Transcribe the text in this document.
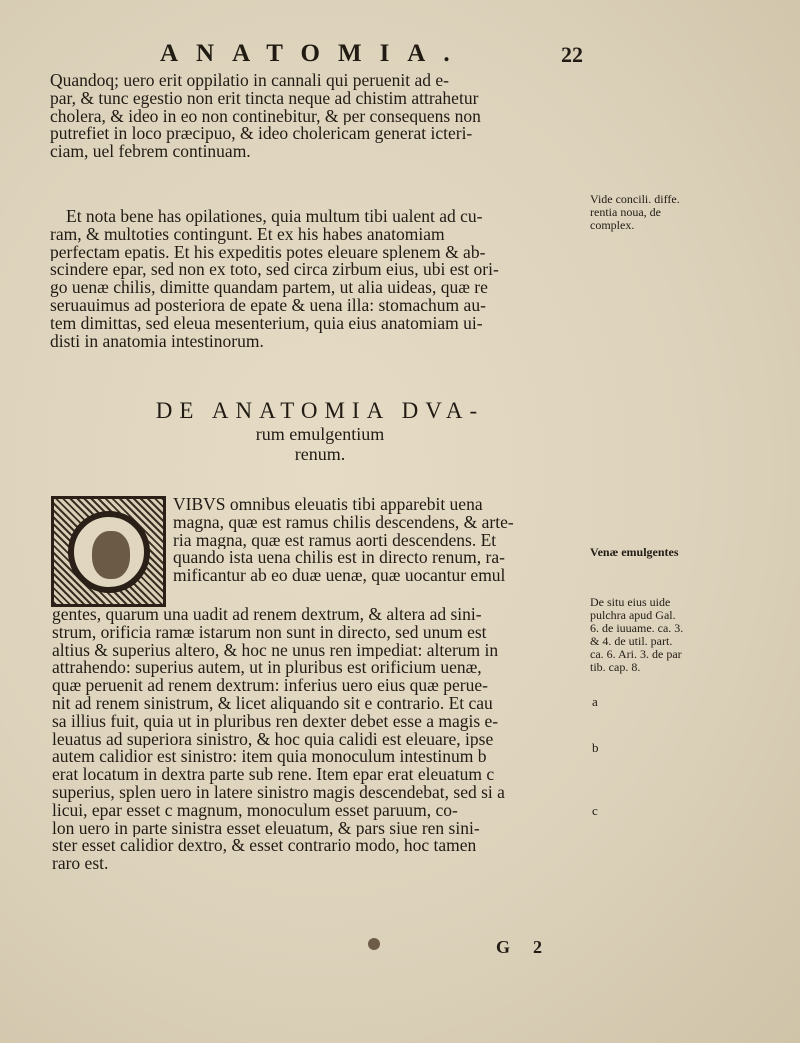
ANATOMIA.	22

Quandoq; uero erit oppilatio in cannali qui peruenit ad e-
par, & tunc egestio non erit tincta neque ad chistim attrahetur
cholera, & ideo in eo non continebitur, & per consequens non
putrefiet in loco præcipuo, & ideo cholericam generat icteri-
ciam, uel febrem continuam.

Et nota bene has opilationes, quia multum tibi ualent ad cu-
ram, & multoties contingunt. Et ex his habes anatomiam
perfectam epatis. Et his expeditis potes eleuare splenem & ab-
scindere epar, sed non ex toto, sed circa zirbum eius, ubi est ori-
go uenæ chilis, dimitte quandam partem, ut alia uideas, quæ re
seruauimus ad posteriora de epate & uena illa: stomachum au-
tem dimittas, sed eleua mesenterium, quia eius anatomiam ui-
disti in anatomia intestinorum.

Vide concili. diffe.
rentia noua, de
complex.
DE ANATOMIA DVA-
rum emulgentium
renum.

VIBVS omnibus eleuatis tibi apparebit uena
magna, quæ est ramus chilis descendens, & arte-
ria magna, quæ est ramus aorti descendens. Et
quando ista uena chilis est in directo renum, ra-
mificantur ab eo duæ uenæ, quæ uocantur emul

gentes, quarum una uadit ad renem dextrum, & altera ad sini-
strum, orificia ramæ istarum non sunt in directo, sed unum est
altius & superius altero, & hoc ne unus ren impediat: alterum in
attrahendo: superius autem, ut in pluribus est orificium uenæ,
quæ peruenit ad renem dextrum: inferius uero eius quæ perue-
nit ad renem sinistrum, & licet aliquando sit e contrario. Et cau
sa illius fuit, quia ut in pluribus ren dexter debet esse a magis e-
leuatus ad superiora sinistro, & hoc quia calidi est eleuare, ipse
autem calidior est sinistro: item quia monoculum intestinum b
erat locatum in dextra parte sub rene. Item epar erat eleuatum c
superius, splen uero in latere sinistro magis descendebat, sed si a
licui, epar esset c magnum, monoculum esset paruum, co-
lon uero in parte sinistra esset eleuatum, & pars siue ren sini-
ster esset calidior dextro, & esset contrario modo, hoc tamen
raro est.

Venæ emulgentes
De situ eius uide
pulchra apud Gal.
6. de iuuame. ca. 3.
& 4. de util. part.
ca. 6. Ari. 3. de par
tib. cap. 8.
a
b
c
G 2
